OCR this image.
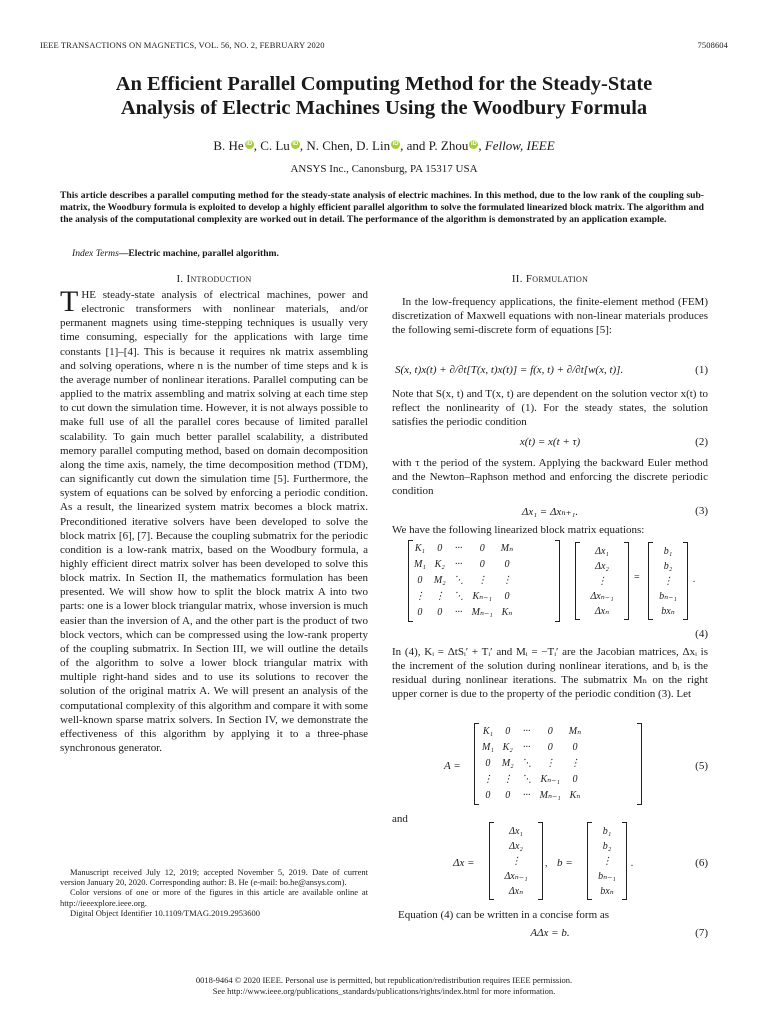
IEEE TRANSACTIONS ON MAGNETICS, VOL. 56, NO. 2, FEBRUARY 2020	7508604
An Efficient Parallel Computing Method for the Steady-State
Analysis of Electric Machines Using the Woodbury Formula
B. He iD , C. Lu iD , N. Chen, D. Lin iD , and P. Zhou iD , Fellow, IEEE
ANSYS Inc., Canonsburg, PA 15317 USA
This article describes a parallel computing method for the steady-state analysis of electric machines. In this method, due to the low rank of the coupling sub-matrix, the Woodbury formula is exploited to develop a highly efficient parallel algorithm to solve the formulated linearized block matrix. The algorithm and the analysis of the computational complexity are worked out in detail. The performance of the algorithm is demonstrated by an application example.
Index Terms—Electric machine, parallel algorithm.
I. Introduction
THE steady-state analysis of electrical machines, power and electronic transformers with nonlinear materials, and/or permanent magnets using time-stepping techniques is usually very time consuming, especially for the applications with large time constants [1]–[4]. This is because it requires nk matrix assembling and solving operations, where n is the number of time steps and k is the average number of nonlinear iterations. Parallel computing can be applied to the matrix assembling and matrix solving at each time step to cut down the simulation time. However, it is not always possible to make full use of all the parallel cores because of limited parallel scalability. To gain much better parallel scalability, a distributed memory parallel computing method, based on domain decomposition along the time axis, namely, the time decomposition method (TDM), can significantly cut down the simulation time [5]. Furthermore, the system of equations can be solved by enforcing a periodic condition. As a result, the linearized system matrix becomes a block matrix. Preconditioned iterative solvers have been developed to solve the block matrix [6], [7]. Because the coupling submatrix for the periodic condition is a low-rank matrix, based on the Woodbury formula, a highly efficient direct matrix solver has been developed to solve this block matrix. In Section II, the mathematics formulation has been presented. We will show how to split the block matrix A into two parts: one is a lower block triangular matrix, whose inversion is much easier than the inversion of A, and the other part is the product of two block vectors, which can be compressed using the low-rank property of the coupling submatrix. In Section III, we will outline the details of the algorithm to solve a lower block triangular matrix with multiple right-hand sides and to use its solutions to recover the solution of the original matrix A. We will present an analysis of the computational complexity of this algorithm and compare it with some well-known sparse matrix solvers. In Section IV, we demonstrate the effectiveness of this algorithm by applying it to a three-phase synchronous generator.
Manuscript received July 12, 2019; accepted November 5, 2019. Date of current version January 20, 2020. Corresponding author: B. He (e-mail: bo.he@ansys.com).
Color versions of one or more of the figures in this article are available online at http://ieeexplore.ieee.org.
Digital Object Identifier 10.1109/TMAG.2019.2953600
II. Formulation
In the low-frequency applications, the finite-element method (FEM) discretization of Maxwell equations with non-linear materials produces the following semi-discrete form of equations [5]:
S(x, t)x(t) + ∂/∂t[T(x, t)x(t)] = f(x, t) + ∂/∂t[w(x, t)].	(1)
Note that S(x, t) and T(x, t) are dependent on the solution vector x(t) to reflect the nonlinearity of (1). For the steady states, the solution satisfies the periodic condition
x(t) = x(t + τ)	(2)
with τ the period of the system. Applying the backward Euler method and the Newton–Raphson method and enforcing the discrete periodic condition
Δx₁ = Δxₙ₊₁.	(3)
We have the following linearized block matrix equations:
K₁	0	···	0	Mₙ
M₁	K₂	···	0	0
0	M₂	⋱	⋮	⋮
⋮	⋮	⋱	Kₙ₋₁	0
0	0	···	Mₙ₋₁	Kₙ
Δx₁
Δx₂
⋮
Δxₙ₋₁
Δxₙ
=
b₁
b₂
⋮
bₙ₋₁
bxₙ
.
(4)
In (4), Kᵢ = ΔtSᵢ′ + Tᵢ′ and Mᵢ = −Tᵢ′ are the Jacobian matrices, Δxᵢ is the increment of the solution during nonlinear iterations, and bᵢ is the residual during nonlinear iterations. The submatrix Mₙ on the right upper corner is due to the property of the periodic condition (3). Let
A =
K₁	0	···	0	Mₙ
M₁	K₂	···	0	0
0	M₂	⋱	⋮	⋮
⋮	⋮	⋱	Kₙ₋₁	0
0	0	···	Mₙ₋₁	Kₙ
(5)
and
Δx =
Δx₁
Δx₂
⋮
Δxₙ₋₁
Δxₙ
, b =
b₁
b₂
⋮
bₙ₋₁
bxₙ
.	(6)
Equation (4) can be written in a concise form as
AΔx = b.	(7)
0018-9464 © 2020 IEEE. Personal use is permitted, but republication/redistribution requires IEEE permission.
See http://www.ieee.org/publications_standards/publications/rights/index.html for more information.
